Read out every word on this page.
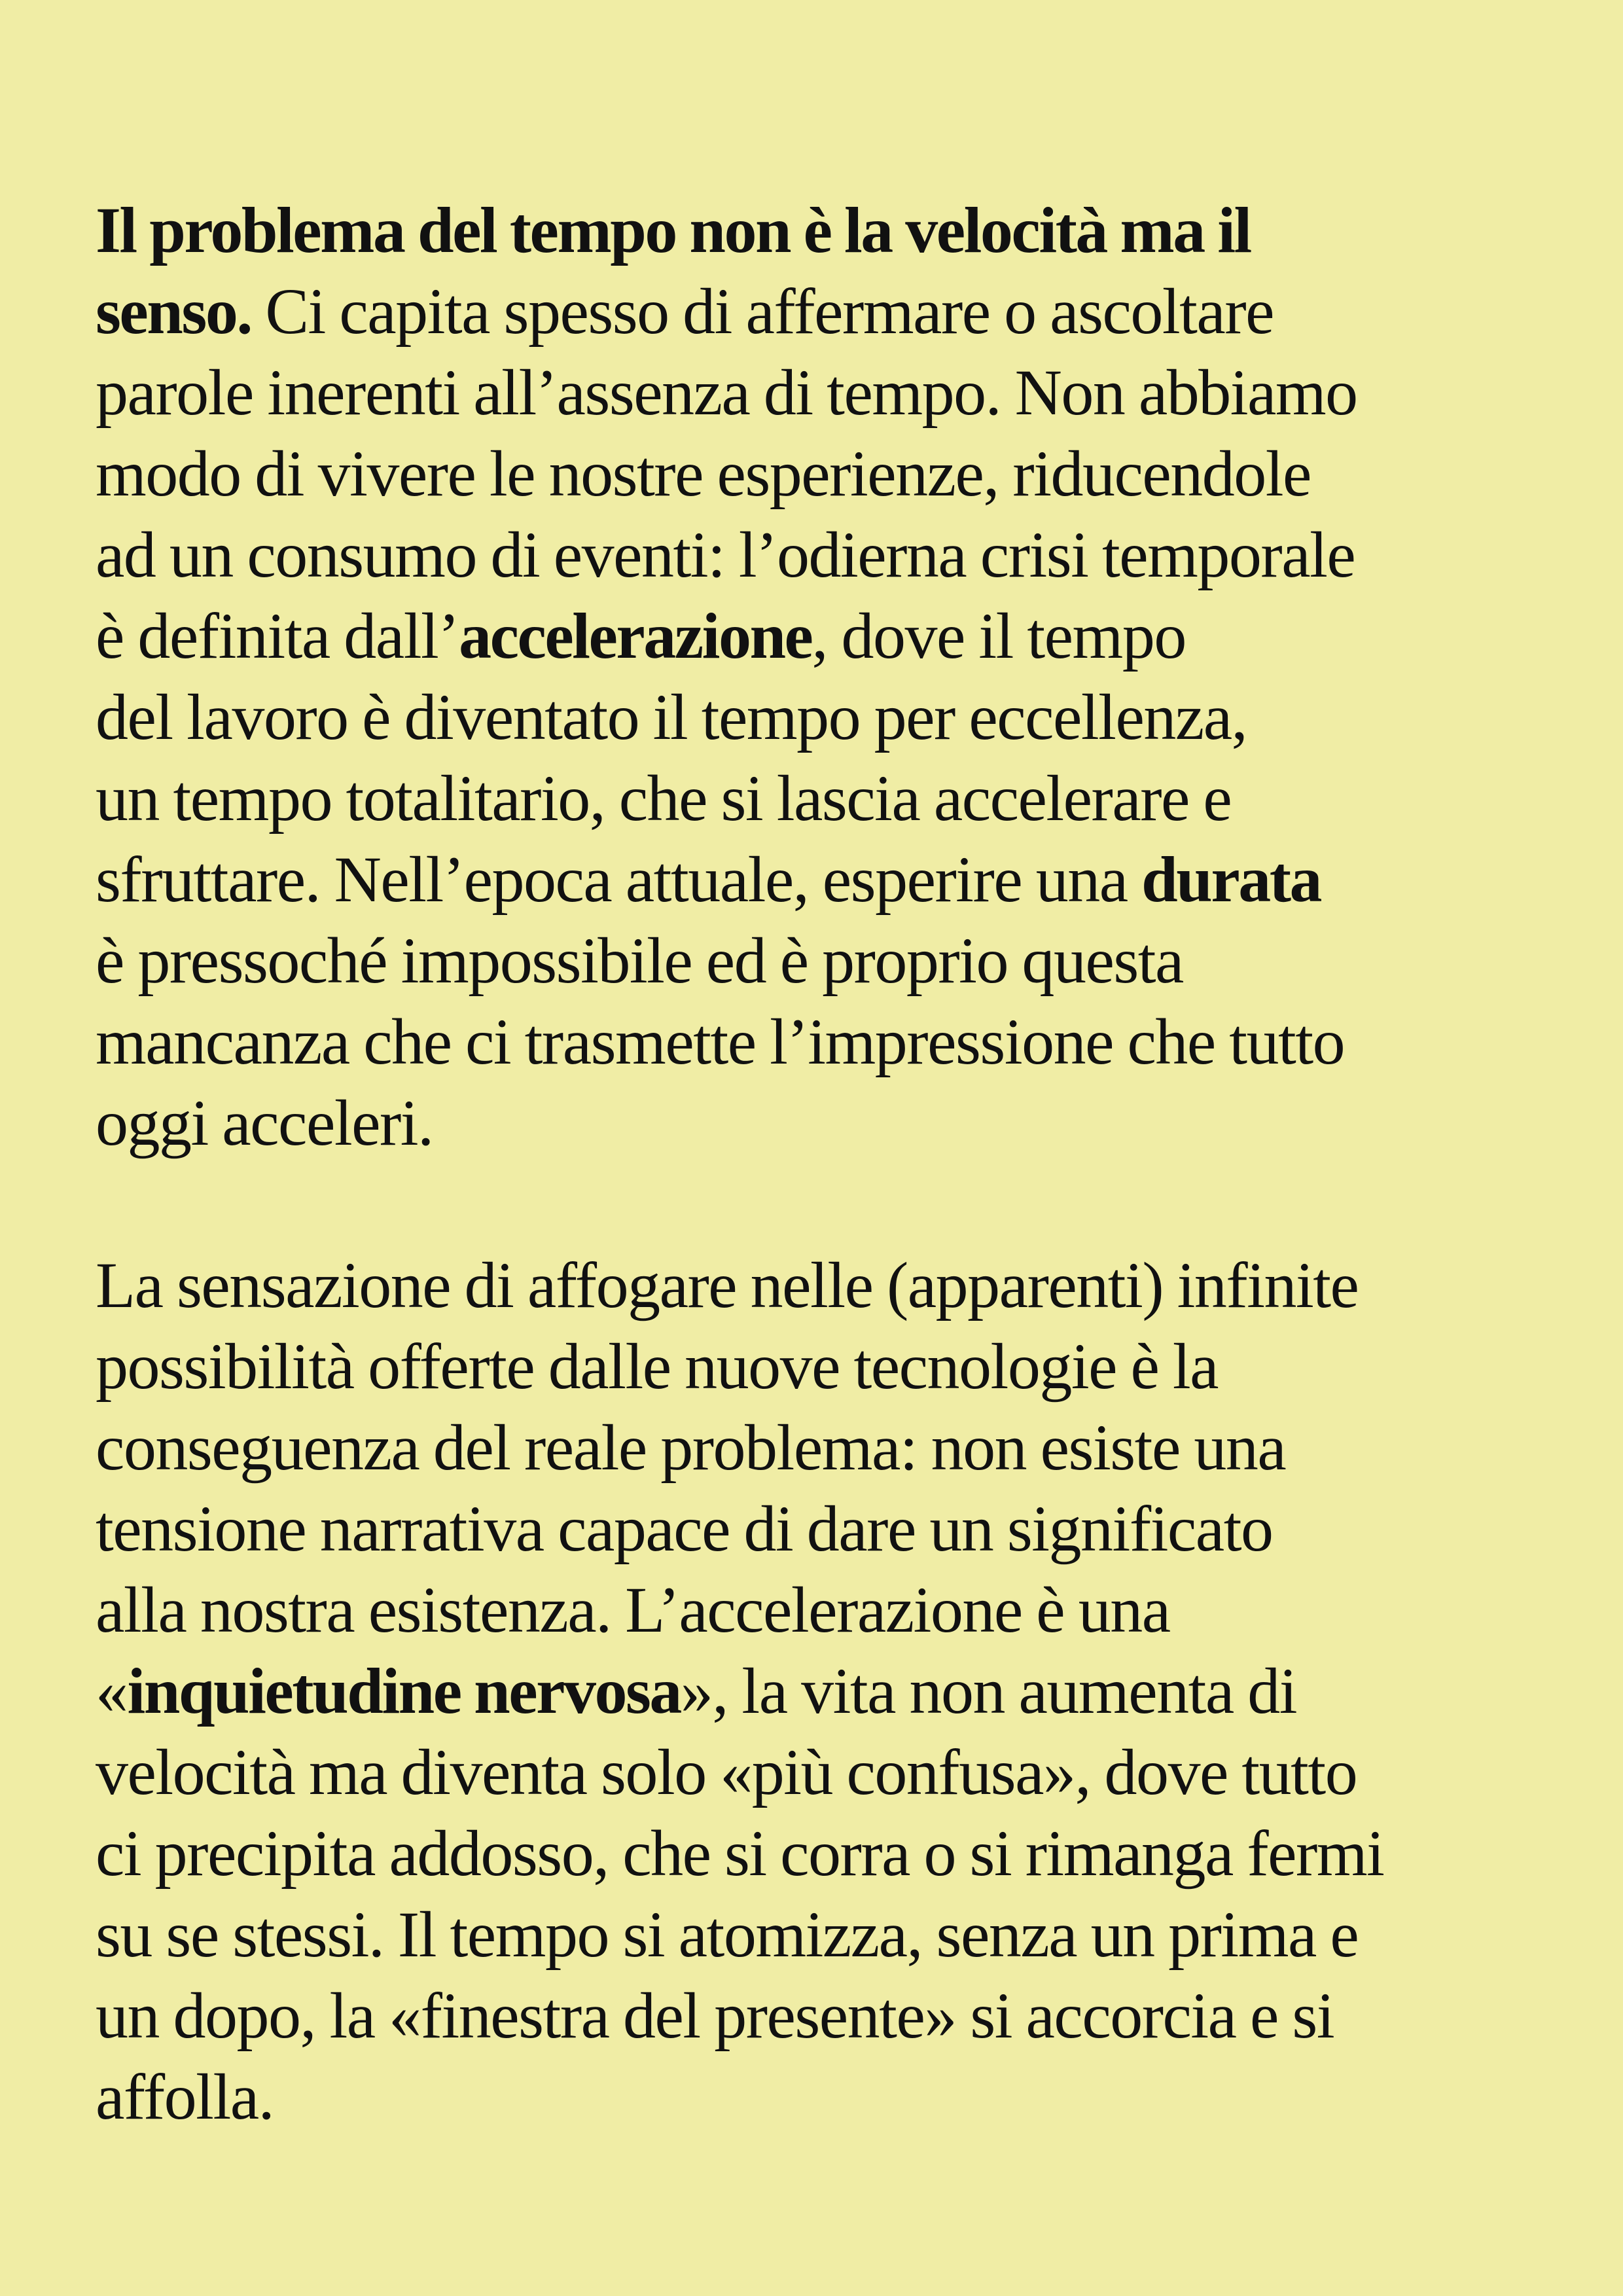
Il problema del tempo non è la velocità ma il
senso. Ci capita spesso di affermare o ascoltare
parole inerenti all’assenza di tempo. Non abbiamo
modo di vivere le nostre esperienze, riducendole
ad un consumo di eventi: l’odierna crisi temporale
è definita dall’accelerazione, dove il tempo
del lavoro è diventato il tempo per eccellenza,
un tempo totalitario, che si lascia accelerare e
sfruttare. Nell’epoca attuale, esperire una durata
è pressoché impossibile ed è proprio questa
mancanza che ci trasmette l’impressione che tutto
oggi acceleri.

La sensazione di affogare nelle (apparenti) infinite
possibilità offerte dalle nuove tecnologie è la
conseguenza del reale problema: non esiste una
tensione narrativa capace di dare un significato
alla nostra esistenza. L’accelerazione è una
«inquietudine nervosa», la vita non aumenta di
velocità ma diventa solo «più confusa», dove tutto
ci precipita addosso, che si corra o si rimanga fermi
su se stessi. Il tempo si atomizza, senza un prima e
un dopo, la «finestra del presente» si accorcia e si
affolla.
